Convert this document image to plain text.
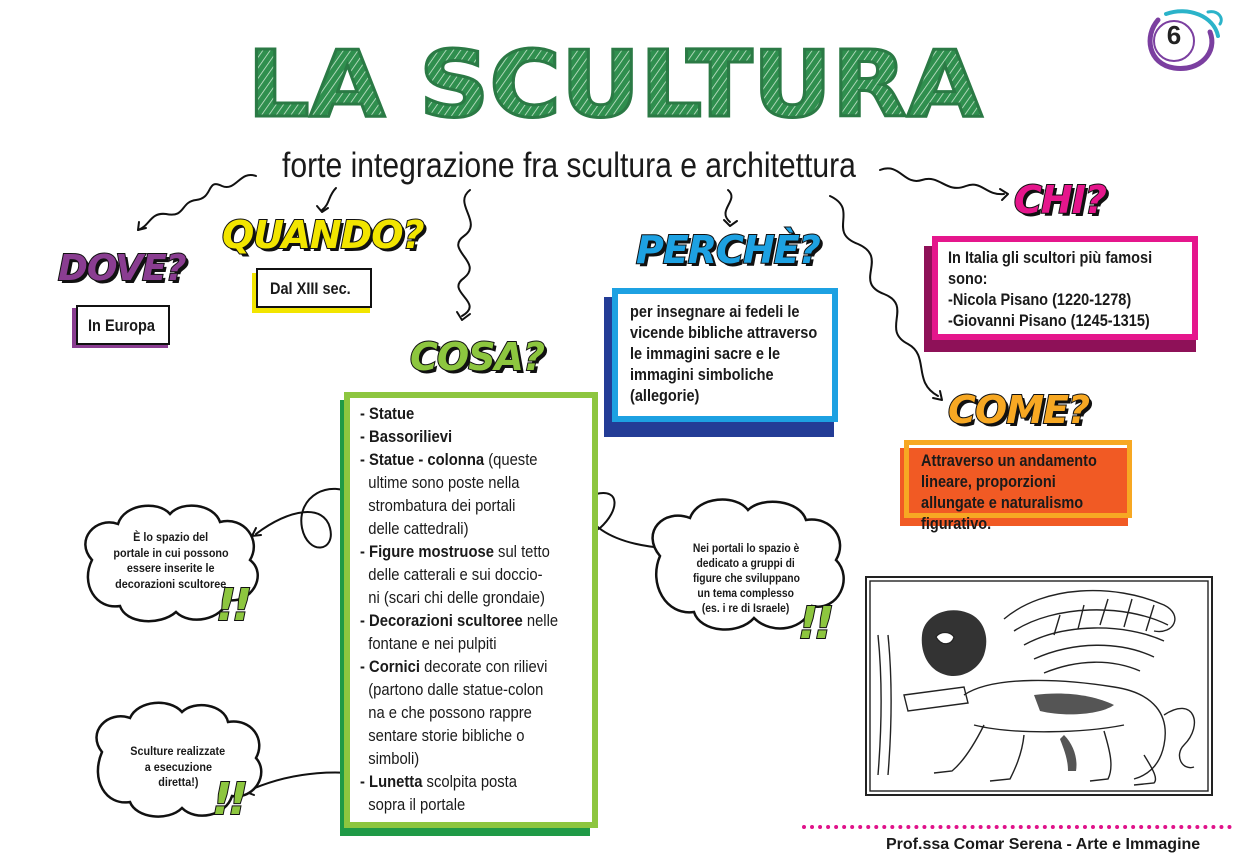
LA SCULTURA
forte integrazione fra scultura e architettura
6
DOVE?
In Europa
QUANDO?
Dal XIII sec.
COSA?
- Statue
- Bassorilievi
- Statue - colonna (queste
ultime sono poste nella
strombatura dei portali
delle cattedrali)
- Figure mostruose sul tetto
delle catterali e sui doccio-
ni (scari chi delle grondaie)
- Decorazioni scultoree nelle
fontane e nei pulpiti
- Cornici decorate con rilievi
(partono dalle statue-colon
na e che possono rappre
sentare storie bibliche o
simboli)
- Lunetta scolpita posta
sopra il portale
PERCHÈ?
per insegnare ai fedeli le
vicende bibliche attraverso
le immagini sacre e le
immagini simboliche
(allegorie)
CHI?
In Italia gli scultori più famosi
sono:
-Nicola Pisano (1220-1278)
-Giovanni Pisano (1245-1315)
COME?
Attraverso un andamento
lineare, proporzioni
allungate e naturalismo
figurativo.
È lo spazio del
portale in cui possono
essere inserite le
decorazioni scultoree
!!
Nei portali lo spazio è
dedicato a gruppi di
figure che sviluppano
un tema complesso
(es. i re di Israele) !!
Sculture realizzate
a esecuzione
diretta!) !!
Prof.ssa Comar Serena - Arte e Immagine
